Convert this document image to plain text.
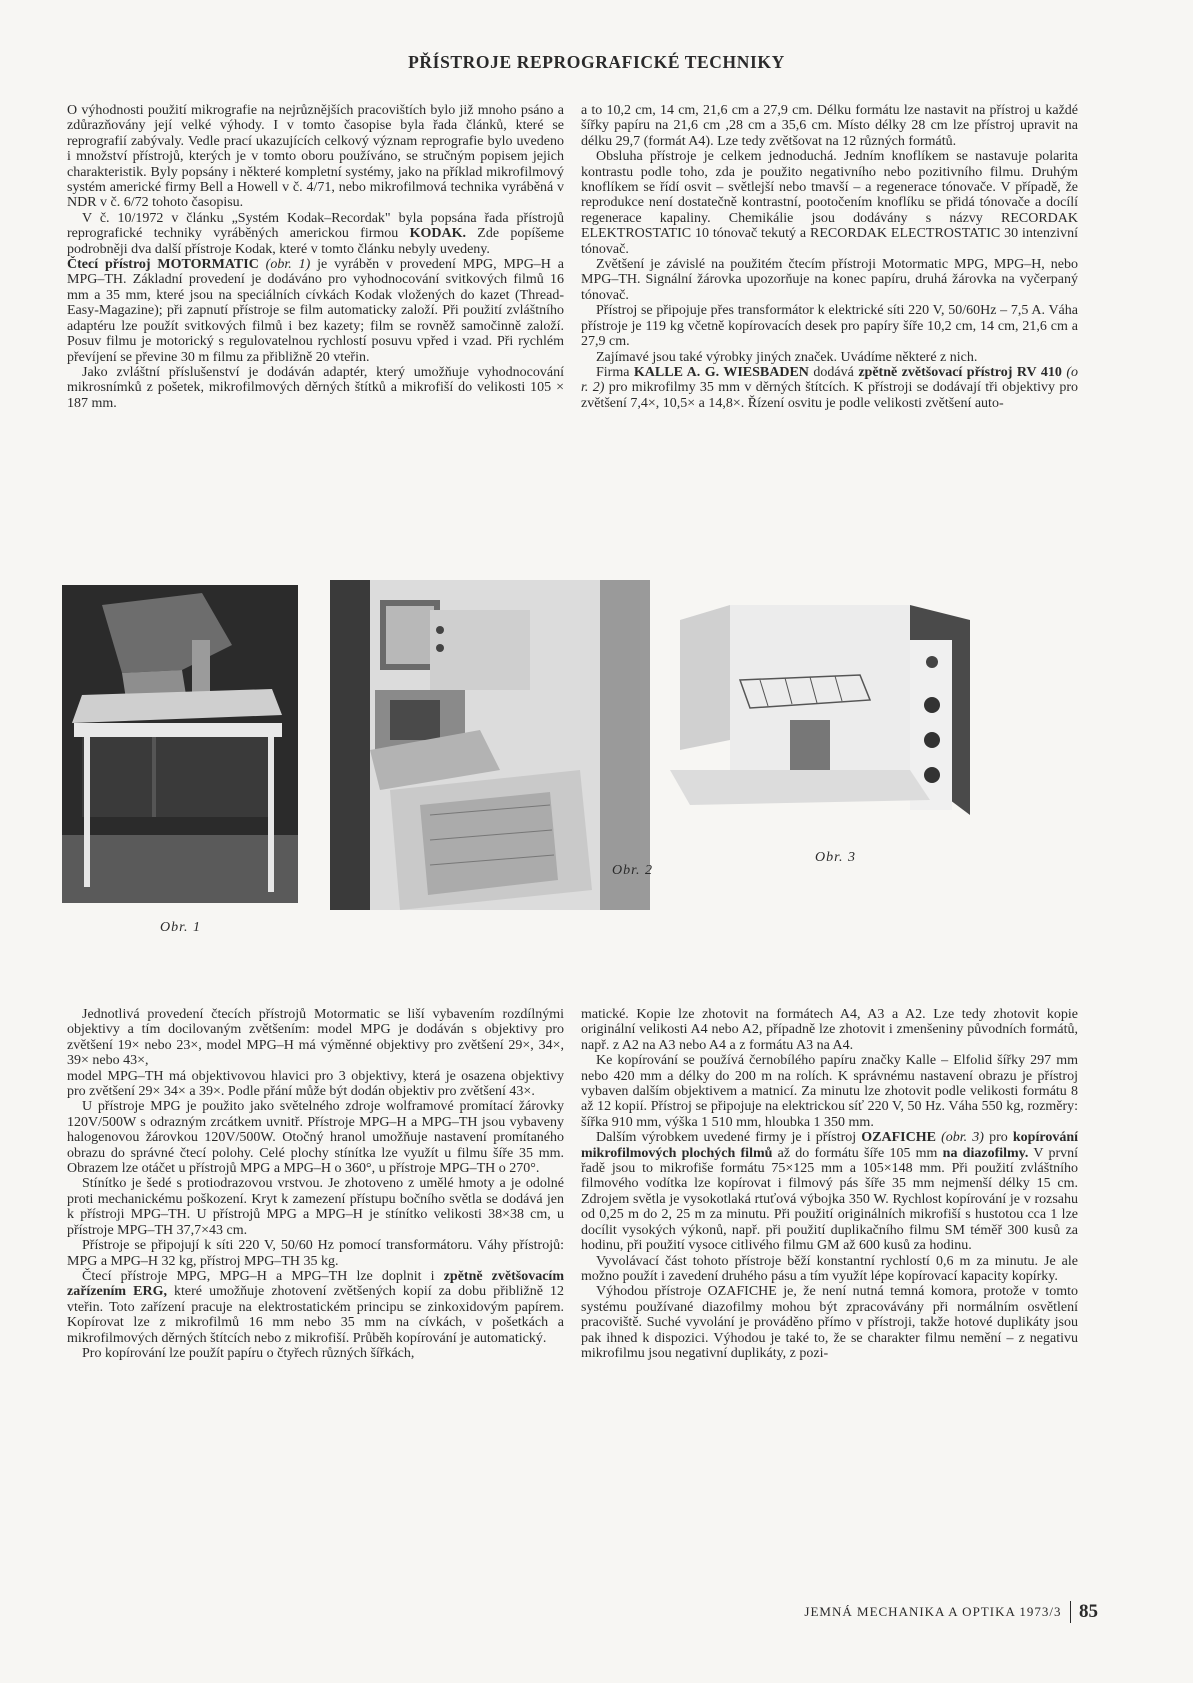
PŘÍSTROJE REPROGRAFICKÉ TECHNIKY

O výhodnosti použití mikrografie na nejrůznějších pracovištích bylo již mnoho psáno a zdůrazňovány její velké výhody. I v tomto časopise byla řada článků, které se reprografií zabývaly. Vedle prací ukazujících celkový význam reprografie bylo uvedeno i množství přístrojů, kterých je v tomto oboru používáno, se stručným popisem jejich charakteristik. Byly popsány i některé kompletní systémy, jako na příklad mikrofilmový systém americké firmy Bell a Howell v č. 4/71, nebo mikrofilmová technika vyráběná v NDR v č. 6/72 tohoto časopisu.

V č. 10/1972 v článku „Systém Kodak–Recordak" byla popsána řada přístrojů reprografické techniky vyráběných americkou firmou KODAK. Zde popíšeme podrobněji dva další přístroje Kodak, které v tomto článku nebyly uvedeny.

Čtecí přístroj MOTORMATIC (obr. 1) je vyráběn v provedení MPG, MPG–H a MPG–TH. Základní provedení je dodáváno pro vyhodnocování svitkových filmů 16 mm a 35 mm, které jsou na speciálních cívkách Kodak vložených do kazet (Thread-Easy-Magazine); při zapnutí přístroje se film automaticky založí. Při použití zvláštního adaptéru lze použít svitkových filmů i bez kazety; film se rovněž samočinně založí. Posuv filmu je motorický s regulovatelnou rychlostí posuvu vpřed i vzad. Při rychlém převíjení se převine 30 m filmu za přibližně 20 vteřin.

Jako zvláštní příslušenství je dodáván adaptér, který umožňuje vyhodnocování mikrosnímků z pošetek, mikrofilmových děrných štítků a mikrofiší do velikosti 105 × 187 mm.

a to 10,2 cm, 14 cm, 21,6 cm a 27,9 cm. Délku formátu lze nastavit na přístroj u každé šířky papíru na 21,6 cm ,28 cm a 35,6 cm. Místo délky 28 cm lze přístroj upravit na délku 29,7 (formát A4). Lze tedy zvětšovat na 12 různých formátů.

Obsluha přístroje je celkem jednoduchá. Jedním knoflíkem se nastavuje polarita kontrastu podle toho, zda je použito negativního nebo pozitivního filmu. Druhým knoflíkem se řídí osvit – světlejší nebo tmavší – a regenerace tónovače. V případě, že reprodukce není dostatečně kontrastní, pootočením knoflíku se přidá tónovače a docílí regenerace kapaliny. Chemikálie jsou dodávány s názvy RECORDAK ELEKTROSTATIC 10 tónovač tekutý a RECORDAK ELECTROSTATIC 30 intenzivní tónovač.

Zvětšení je závislé na použitém čtecím přístroji Motormatic MPG, MPG–H, nebo MPG–TH. Signální žárovka upozorňuje na konec papíru, druhá žárovka na vyčerpaný tónovač.

Přístroj se připojuje přes transformátor k elektrické síti 220 V, 50/60Hz – 7,5 A. Váha přístroje je 119 kg včetně kopírovacích desek pro papíry šíře 10,2 cm, 14 cm, 21,6 cm a 27,9 cm.

Zajímavé jsou také výrobky jiných značek. Uvádíme některé z nich.

Firma KALLE A. G. WIESBADEN dodává zpětně zvětšovací přístroj RV 410 (o r. 2) pro mikrofilmy 35 mm v děrných štítcích. K přístroji se dodávají tři objektivy pro zvětšení 7,4×, 10,5× a 14,8×. Řízení osvitu je podle velikosti zvětšení auto-

Obr. 1
Obr. 2
Obr. 3

Jednotlivá provedení čtecích přístrojů Motormatic se liší vybavením rozdílnými objektivy a tím docilovaným zvětšením: model MPG je dodáván s objektivy pro zvětšení 19× nebo 23×, model MPG–H má výměnné objektivy pro zvětšení 29×, 34×, 39× nebo 43×,

model MPG–TH má objektivovou hlavici pro 3 objektivy, která je osazena objektivy pro zvětšení 29× 34× a 39×. Podle přání může být dodán objektiv pro zvětšení 43×.

U přístroje MPG je použito jako světelného zdroje wolframové promítací žárovky 120V/500W s odrazným zrcátkem uvnitř. Přístroje MPG–H a MPG–TH jsou vybaveny halogenovou žárovkou 120V/500W. Otočný hranol umožňuje nastavení promítaného obrazu do správné čtecí polohy. Celé plochy stínítka lze využít u filmu šíře 35 mm. Obrazem lze otáčet u přístrojů MPG a MPG–H o 360°, u přístroje MPG–TH o 270°.

Stínítko je šedé s protiodrazovou vrstvou. Je zhotoveno z umělé hmoty a je odolné proti mechanickému poškození. Kryt k zamezení přístupu bočního světla se dodává jen k přístroji MPG–TH. U přístrojů MPG a MPG–H je stínítko velikosti 38×38 cm, u přístroje MPG–TH 37,7×43 cm.

Přístroje se připojují k síti 220 V, 50/60 Hz pomocí transformátoru. Váhy přístrojů: MPG a MPG–H 32 kg, přístroj MPG–TH 35 kg.

Čtecí přístroje MPG, MPG–H a MPG–TH lze doplnit i zpětně zvětšovacím zařízením ERG, které umožňuje zhotovení zvětšených kopií za dobu přibližně 12 vteřin. Toto zařízení pracuje na elektrostatickém principu se zinkoxidovým papírem. Kopírovat lze z mikrofilmů 16 mm nebo 35 mm na cívkách, v pošetkách a mikrofilmových děrných štítcích nebo z mikrofiší. Průběh kopírování je automatický.

Pro kopírování lze použít papíru o čtyřech různých šířkách,

matické. Kopie lze zhotovit na formátech A4, A3 a A2. Lze tedy zhotovit kopie originální velikosti A4 nebo A2, případně lze zhotovit i zmenšeniny původních formátů, např. z A2 na A3 nebo A4 a z formátu A3 na A4.

Ke kopírování se používá černobílého papíru značky Kalle – Elfolid šířky 297 mm nebo 420 mm a délky do 200 m na rolích. K správnému nastavení obrazu je přístroj vybaven dalším objektivem a matnicí. Za minutu lze zhotovit podle velikosti formátu 8 až 12 kopií. Přístroj se připojuje na elektrickou síť 220 V, 50 Hz. Váha 550 kg, rozměry: šířka 910 mm, výška 1 510 mm, hloubka 1 350 mm.

Dalším výrobkem uvedené firmy je i přístroj OZAFICHE (obr. 3) pro kopírování mikrofilmových plochých filmů až do formátu šíře 105 mm na diazofilmy. V první řadě jsou to mikrofiše formátu 75×125 mm a 105×148 mm. Při použití zvláštního filmového vodítka lze kopírovat i filmový pás šíře 35 mm nejmenší délky 15 cm. Zdrojem světla je vysokotlaká rtuťová výbojka 350 W. Rychlost kopírování je v rozsahu od 0,25 m do 2, 25 m za minutu. Při použití originálních mikrofiší s hustotou cca 1 lze docílit vysokých výkonů, např. při použití duplikačního filmu SM téměř 300 kusů za hodinu, při použití vysoce citlivého filmu GM až 600 kusů za hodinu.

Vyvolávací část tohoto přístroje běží konstantní rychlostí 0,6 m za minutu. Je ale možno použít i zavedení druhého pásu a tím využít lépe kopírovací kapacity kopírky.

Výhodou přístroje OZAFICHE je, že není nutná temná komora, protože v tomto systému používané diazofilmy mohou být zpracovávány při normálním osvětlení pracoviště. Suché vyvolání je prováděno přímo v přístroji, takže hotové duplikáty jsou pak ihned k dispozici. Výhodou je také to, že se charakter filmu nemění – z negativu mikrofilmu jsou negativní duplikáty, z pozi-

JEMNÁ MECHANIKA A OPTIKA 1973/3 85
